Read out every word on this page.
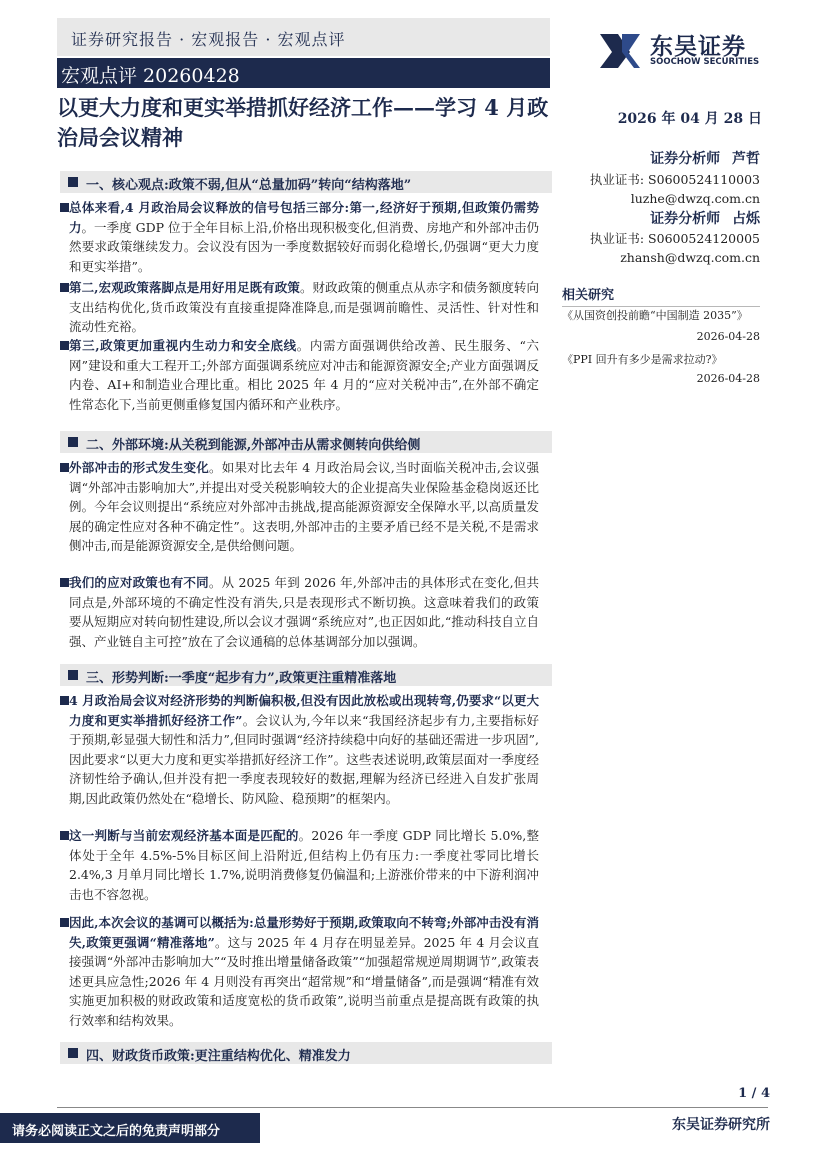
证券研究报告 · 宏观报告 · 宏观点评
宏观点评 20260428
东吴证券
SOOCHOW SECURITIES
以更大力度和更实举措抓好经济工作——学习 4 月政治局会议精神
2026 年 04 月 28 日
证券分析师 芦哲
执业证书: S0600524110003
luzhe@dwzq.com.cn
证券分析师 占烁
执业证书: S0600524120005
zhansh@dwzq.com.cn
相关研究
《从国资创投前瞻“中国制造 2035”》
2026-04-28
《PPI 回升有多少是需求拉动?》
2026-04-28
一、核心观点:政策不弱,但从“总量加码”转向“结构落地”
总体来看,4 月政治局会议释放的信号包括三部分:第一,经济好于预期,但政策仍需势力。一季度 GDP 位于全年目标上沿,价格出现积极变化,但消费、房地产和外部冲击仍然要求政策继续发力。会议没有因为一季度数据较好而弱化稳增长,仍强调“更大力度和更实举措”。
第二,宏观政策落脚点是用好用足既有政策。财政政策的侧重点从赤字和债务额度转向支出结构优化,货币政策没有直接重提降准降息,而是强调前瞻性、灵活性、针对性和流动性充裕。
第三,政策更加重视内生动力和安全底线。内需方面强调供给改善、民生服务、“六网”建设和重大工程开工;外部方面强调系统应对冲击和能源资源安全;产业方面强调反内卷、AI+和制造业合理比重。相比 2025 年 4 月的“应对关税冲击”,在外部不确定性常态化下,当前更侧重修复国内循环和产业秩序。
二、外部环境:从关税到能源,外部冲击从需求侧转向供给侧
外部冲击的形式发生变化。如果对比去年 4 月政治局会议,当时面临关税冲击,会议强调“外部冲击影响加大”,并提出对受关税影响较大的企业提高失业保险基金稳岗返还比例。今年会议则提出“系统应对外部冲击挑战,提高能源资源安全保障水平,以高质量发展的确定性应对各种不确定性”。这表明,外部冲击的主要矛盾已经不是关税,不是需求侧冲击,而是能源资源安全,是供给侧问题。
我们的应对政策也有不同。从 2025 年到 2026 年,外部冲击的具体形式在变化,但共同点是,外部环境的不确定性没有消失,只是表现形式不断切换。这意味着我们的政策要从短期应对转向韧性建设,所以会议才强调“系统应对”,也正因如此,“推动科技自立自强、产业链自主可控”放在了会议通稿的总体基调部分加以强调。
三、形势判断:一季度“起步有力”,政策更注重精准落地
4 月政治局会议对经济形势的判断偏积极,但没有因此放松或出现转弯,仍要求“以更大力度和更实举措抓好经济工作”。会议认为,今年以来“我国经济起步有力,主要指标好于预期,彰显强大韧性和活力”,但同时强调“经济持续稳中向好的基础还需进一步巩固”,因此要求“以更大力度和更实举措抓好经济工作”。这些表述说明,政策层面对一季度经济韧性给予确认,但并没有把一季度表现较好的数据,理解为经济已经进入自发扩张周期,因此政策仍然处在“稳增长、防风险、稳预期”的框架内。
这一判断与当前宏观经济基本面是匹配的。2026 年一季度 GDP 同比增长 5.0%,整体处于全年 4.5%-5%目标区间上沿附近,但结构上仍有压力:一季度社零同比增长 2.4%,3 月单月同比增长 1.7%,说明消费修复仍偏温和;上游涨价带来的中下游利润冲击也不容忽视。
因此,本次会议的基调可以概括为:总量形势好于预期,政策取向不转弯;外部冲击没有消失,政策更强调“精准落地”。这与 2025 年 4 月存在明显差异。2025 年 4 月会议直接强调“外部冲击影响加大”“及时推出增量储备政策”“加强超常规逆周期调节”,政策表述更具应急性;2026 年 4 月则没有再突出“超常规”和“增量储备”,而是强调“精准有效实施更加积极的财政政策和适度宽松的货币政策”,说明当前重点是提高既有政策的执行效率和结构效果。
四、财政货币政策:更注重结构优化、精准发力
1 / 4
请务必阅读正文之后的免责声明部分	东吴证券研究所
